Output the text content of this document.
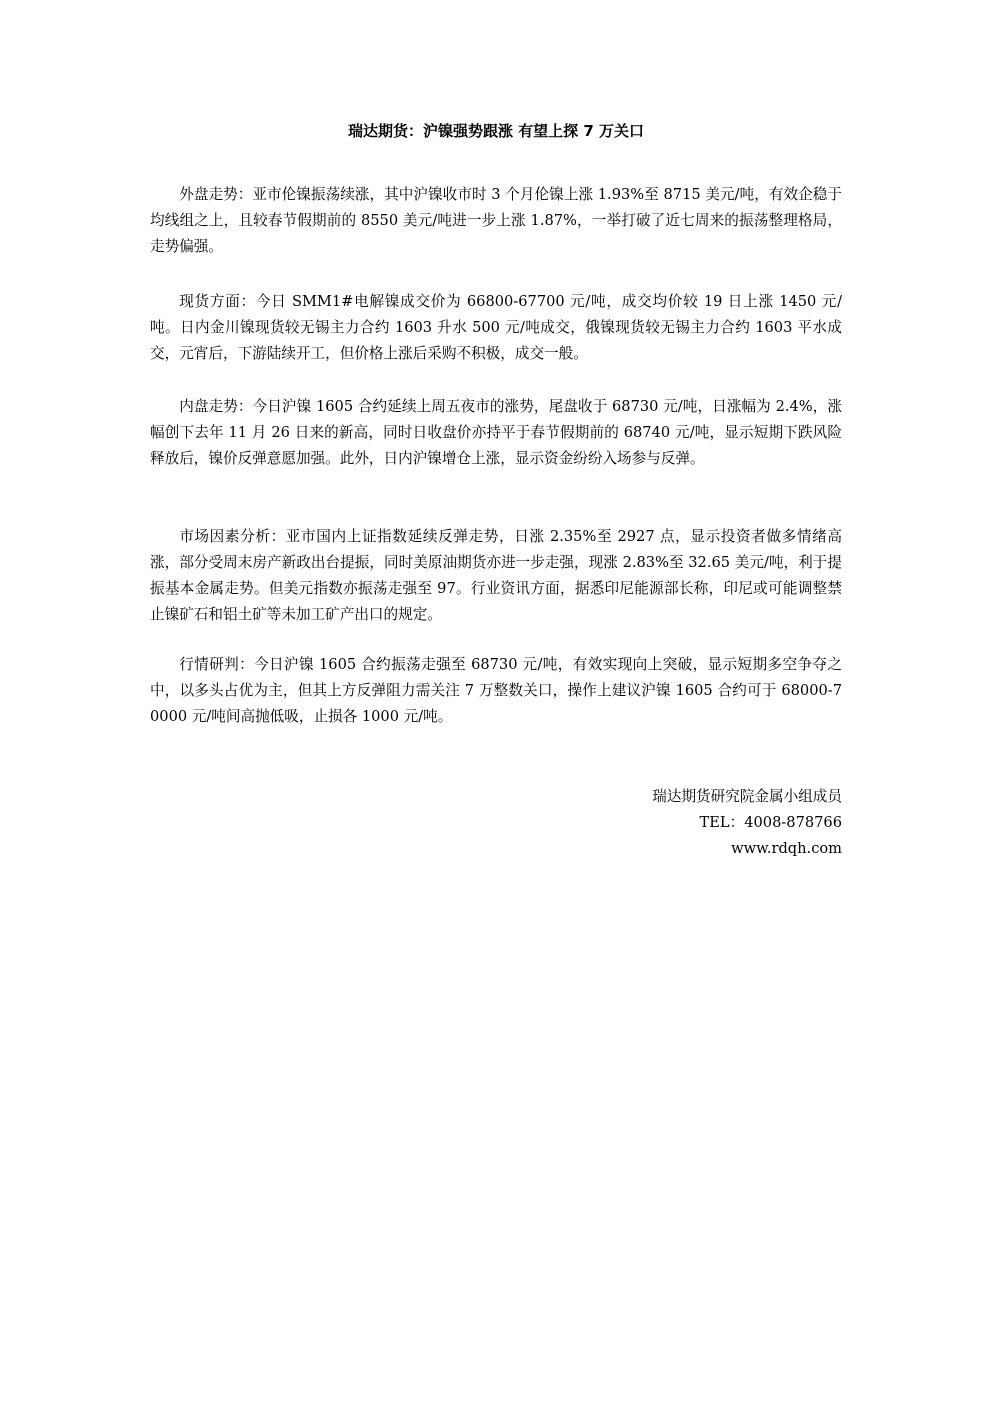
瑞达期货：沪镍强势跟涨 有望上探 7 万关口

外盘走势：亚市伦镍振荡续涨，其中沪镍收市时 3 个月伦镍上涨 1.93%至 8715 美元/吨，有效企稳于均线组之上，且较春节假期前的 8550 美元/吨进一步上涨 1.87%，一举打破了近七周来的振荡整理格局，走势偏强。

现货方面：今日 SMM1#电解镍成交价为 66800-67700 元/吨，成交均价较 19 日上涨 1450 元/吨。日内金川镍现货较无锡主力合约 1603 升水 500 元/吨成交，俄镍现货较无锡主力合约 1603 平水成交，元宵后，下游陆续开工，但价格上涨后采购不积极，成交一般。

内盘走势：今日沪镍 1605 合约延续上周五夜市的涨势，尾盘收于 68730 元/吨，日涨幅为 2.4%，涨幅创下去年 11 月 26 日来的新高，同时日收盘价亦持平于春节假期前的 68740 元/吨，显示短期下跌风险释放后，镍价反弹意愿加强。此外，日内沪镍增仓上涨，显示资金纷纷入场参与反弹。

市场因素分析：亚市国内上证指数延续反弹走势，日涨 2.35%至 2927 点，显示投资者做多情绪高涨，部分受周末房产新政出台提振，同时美原油期货亦进一步走强，现涨 2.83%至 32.65 美元/吨，利于提振基本金属走势。但美元指数亦振荡走强至 97。行业资讯方面，据悉印尼能源部长称，印尼或可能调整禁止镍矿石和铝土矿等未加工矿产出口的规定。

行情研判：今日沪镍 1605 合约振荡走强至 68730 元/吨，有效实现向上突破，显示短期多空争夺之中，以多头占优为主，但其上方反弹阻力需关注 7 万整数关口，操作上建议沪镍 1605 合约可于 68000-70000 元/吨间高抛低吸，止损各 1000 元/吨。

瑞达期货研究院金属小组成员
TEL：4008-878766
www.rdqh.com
